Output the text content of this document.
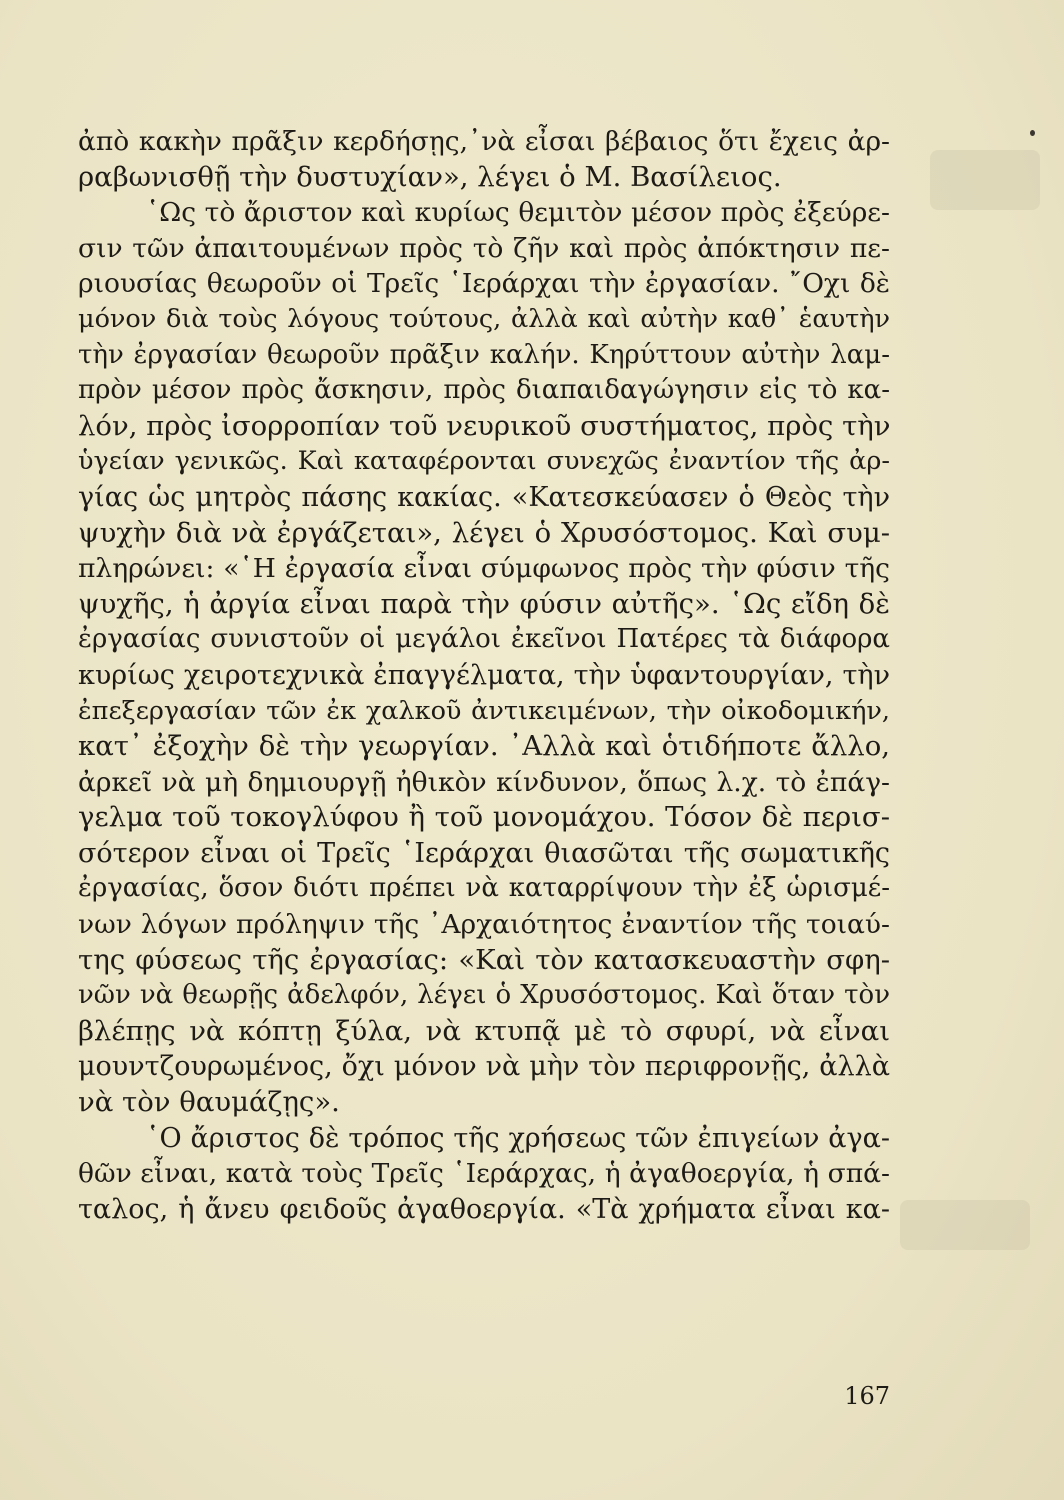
ἀπὸ κακὴν πρᾶξιν κερδήσῃς,᾿νὰ εἶσαι βέβαιος ὅτι ἔχεις ἀρ-
ραβωνισθῇ τὴν δυστυχίαν», λέγει ὁ Μ. Βασίλειος.
῾Ως τὸ ἄριστον καὶ κυρίως θεμιτὸν μέσον πρὸς ἐξεύρε-
σιν τῶν ἀπαιτουμένων πρὸς τὸ ζῆν καὶ πρὸς ἀπόκτησιν πε-
ριουσίας θεωροῦν οἱ Τρεῖς ῾Ιεράρχαι τὴν ἐργασίαν. ῎Οχι δὲ
μόνον διὰ τοὺς λόγους τούτους, ἀλλὰ καὶ αὐτὴν καθ᾿ ἑαυτὴν
τὴν ἐργασίαν θεωροῦν πρᾶξιν καλήν. Κηρύττουν αὐτὴν λαμ-
πρὸν μέσον πρὸς ἄσκησιν, πρὸς διαπαιδαγώγησιν εἰς τὸ κα-
λόν, πρὸς ἰσορροπίαν τοῦ νευρικοῦ συστήματος, πρὸς τὴν
ὑγείαν γενικῶς. Καὶ καταφέρονται συνεχῶς ἐναντίον τῆς ἀρ-
γίας ὡς μητρὸς πάσης κακίας. «Κατεσκεύασεν ὁ Θεὸς τὴν
ψυχὴν διὰ νὰ ἐργάζεται», λέγει ὁ Χρυσόστομος. Καὶ συμ-
πληρώνει: «῾Η ἐργασία εἶναι σύμφωνος πρὸς τὴν φύσιν τῆς
ψυχῆς, ἡ ἀργία εἶναι παρὰ τὴν φύσιν αὐτῆς». ῾Ως εἴδη δὲ
ἐργασίας συνιστοῦν οἱ μεγάλοι ἐκεῖνοι Πατέρες τὰ διάφορα
κυρίως χειροτεχνικὰ ἐπαγγέλματα, τὴν ὑφαντουργίαν, τὴν
ἐπεξεργασίαν τῶν ἐκ χαλκοῦ ἀντικειμένων, τὴν οἰκοδομικήν,
κατ᾿ ἐξοχὴν δὲ τὴν γεωργίαν. ᾿Αλλὰ καὶ ὁτιδήποτε ἄλλο,
ἀρκεῖ νὰ μὴ δημιουργῇ ἠθικὸν κίνδυνον, ὅπως λ.χ. τὸ ἐπάγ-
γελμα τοῦ τοκογλύφου ἢ τοῦ μονομάχου. Τόσον δὲ περισ-
σότερον εἶναι οἱ Τρεῖς ῾Ιεράρχαι θιασῶται τῆς σωματικῆς
ἐργασίας, ὅσον διότι πρέπει νὰ καταρρίψουν τὴν ἐξ ὡρισμέ-
νων λόγων πρόληψιν τῆς ᾿Αρχαιότητος ἐναντίον τῆς τοιαύ-
της φύσεως τῆς ἐργασίας: «Καὶ τὸν κατασκευαστὴν σφη-
νῶν νὰ θεωρῇς ἀδελφόν, λέγει ὁ Χρυσόστομος. Καὶ ὅταν τὸν
βλέπῃς νὰ κόπτῃ ξύλα, νὰ κτυπᾷ μὲ τὸ σφυρί, νὰ εἶναι
μουντζουρωμένος, ὄχι μόνον νὰ μὴν τὸν περιφρονῇς, ἀλλὰ
νὰ τὸν θαυμάζῃς».
῾Ο ἄριστος δὲ τρόπος τῆς χρήσεως τῶν ἐπιγείων ἀγα-
θῶν εἶναι, κατὰ τοὺς Τρεῖς ῾Ιεράρχας, ἡ ἀγαθοεργία, ἡ σπά-
ταλος, ἡ ἄνευ φειδοῦς ἀγαθοεργία. «Τὰ χρήματα εἶναι κα-
167
